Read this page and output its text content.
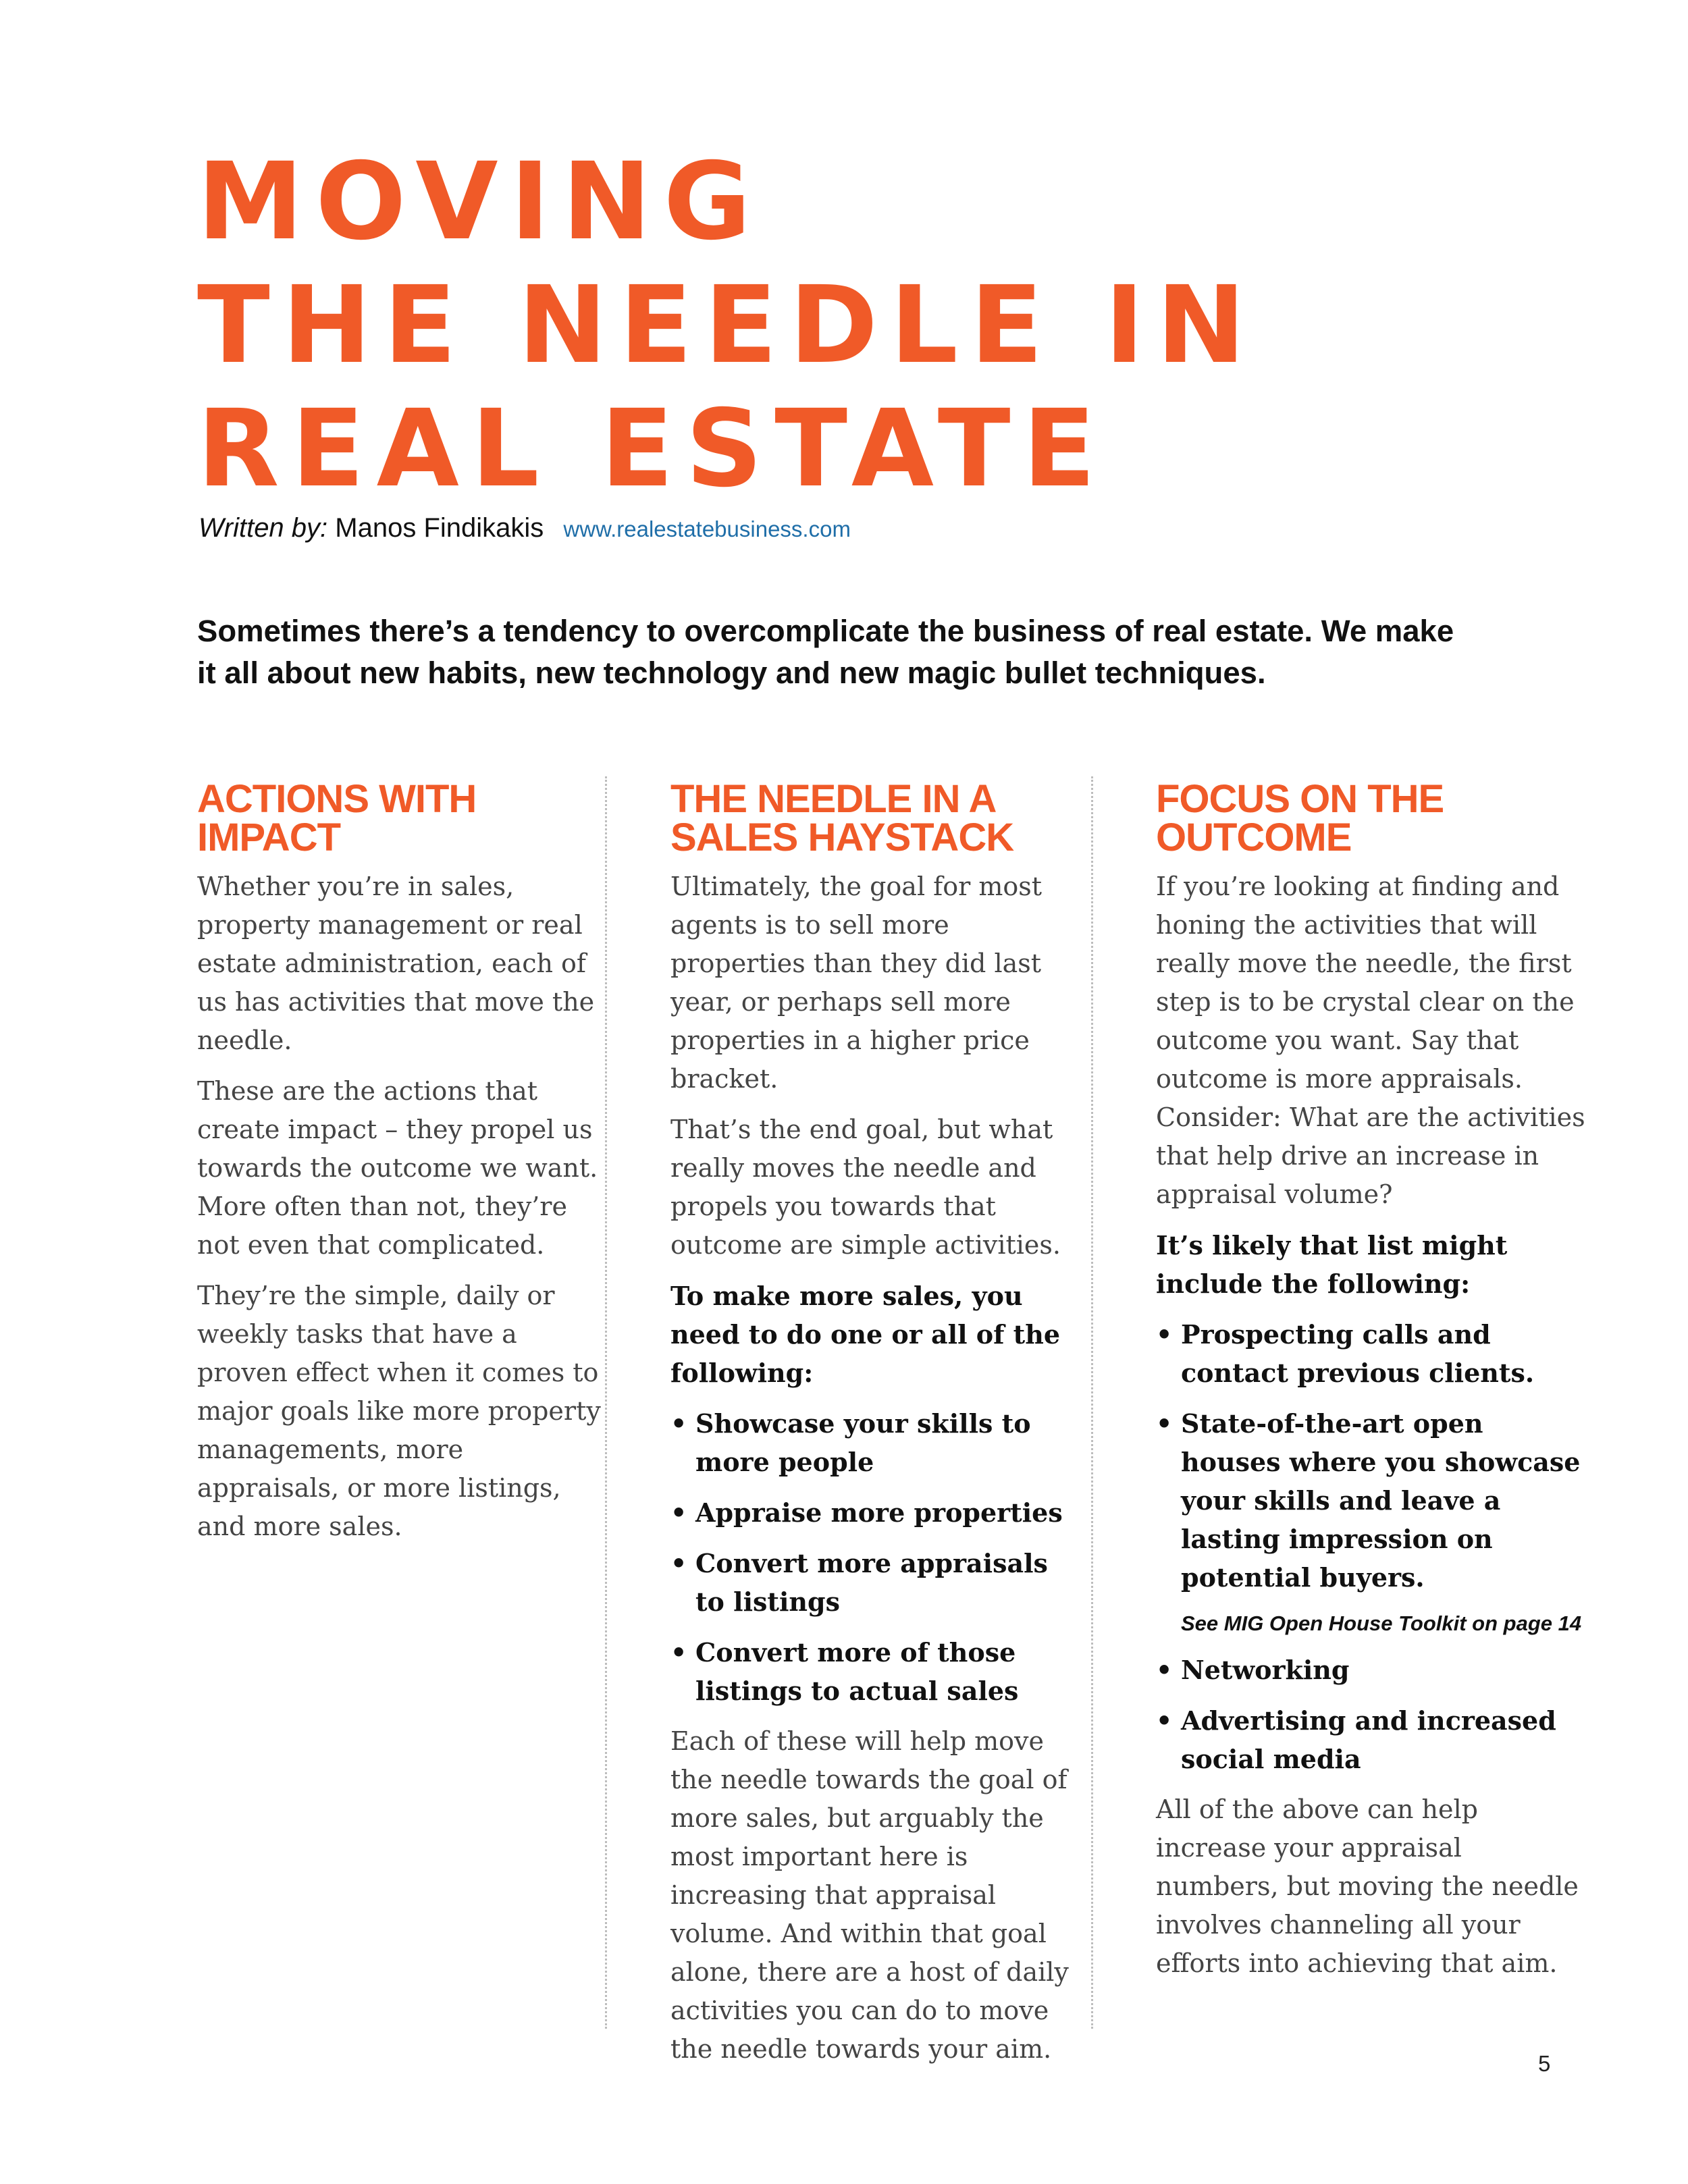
MOVING
THE NEEDLE IN
REAL ESTATE
Written by: Manos Findikakis www.realestatebusiness.com

Sometimes there’s a tendency to overcomplicate the business of real estate. We make it all about new habits, new technology and new magic bullet techniques.

ACTIONS WITH
IMPACT

Whether you’re in sales, property management or real estate administration, each of us has activities that move the needle.

These are the actions that create impact – they propel us towards the outcome we want. More often than not, they’re not even that complicated.

They’re the simple, daily or weekly tasks that have a proven effect when it comes to major goals like more property managements, more appraisals, or more listings, and more sales.

THE NEEDLE IN A
SALES HAYSTACK

Ultimately, the goal for most agents is to sell more properties than they did last year, or perhaps sell more properties in a higher price bracket.

That’s the end goal, but what really moves the needle and propels you towards that outcome are simple activities.

To make more sales, you need to do one or all of the following:

• Showcase your skills to more people
• Appraise more properties
• Convert more appraisals to listings
• Convert more of those listings to actual sales

Each of these will help move the needle towards the goal of more sales, but arguably the most important here is increasing that appraisal volume. And within that goal alone, there are a host of daily activities you can do to move the needle towards your aim.

FOCUS ON THE
OUTCOME

If you’re looking at finding and honing the activities that will really move the needle, the first step is to be crystal clear on the outcome you want. Say that outcome is more appraisals. Consider: What are the activities that help drive an increase in appraisal volume?

It’s likely that list might include the following:

• Prospecting calls and contact previous clients.
• State-of-the-art open houses where you showcase your skills and leave a lasting impression on potential buyers.
See MIG Open House Toolkit on page 14
• Networking
• Advertising and increased social media

All of the above can help increase your appraisal numbers, but moving the needle involves channeling all your efforts into achieving that aim.

5
